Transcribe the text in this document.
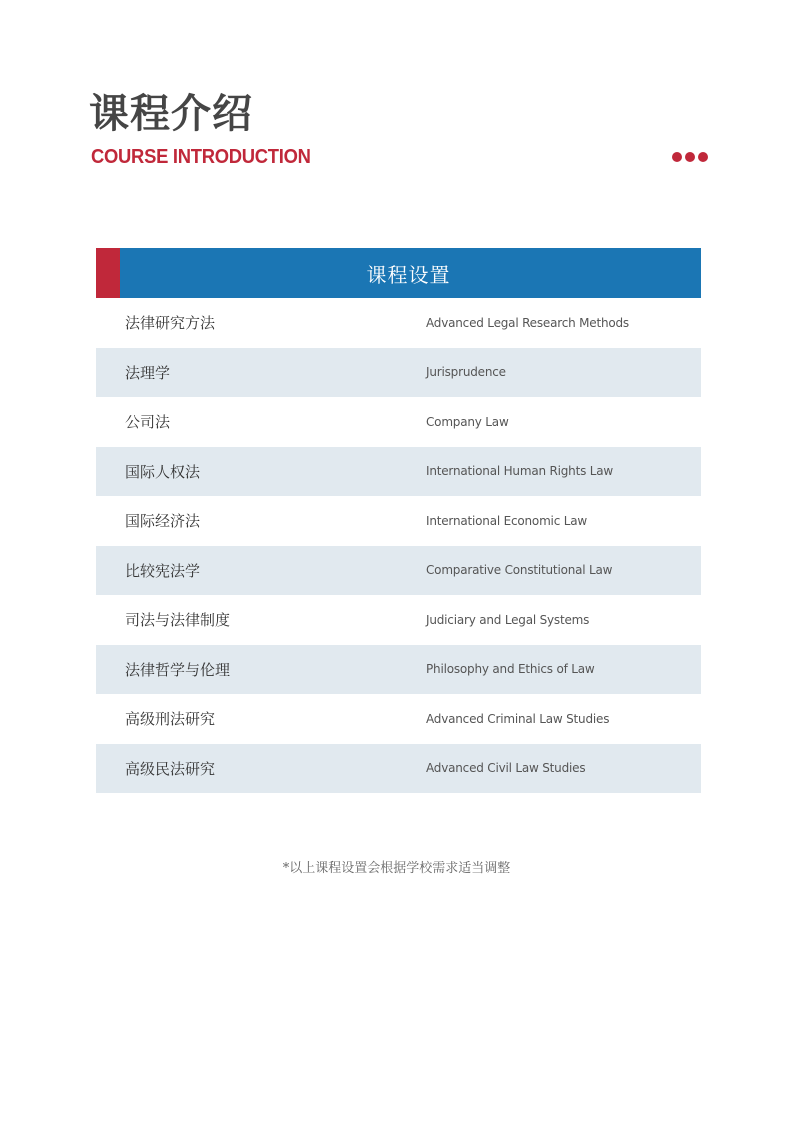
课程介绍
COURSE INTRODUCTION
课程设置
法律研究方法	Advanced Legal Research Methods
法理学	Jurisprudence
公司法	Company Law
国际人权法	International Human Rights Law
国际经济法	International Economic Law
比较宪法学	Comparative Constitutional Law
司法与法律制度	Judiciary and Legal Systems
法律哲学与伦理	Philosophy and Ethics of Law
高级刑法研究	Advanced Criminal Law Studies
高级民法研究	Advanced Civil Law Studies
*以上课程设置会根据学校需求适当调整
